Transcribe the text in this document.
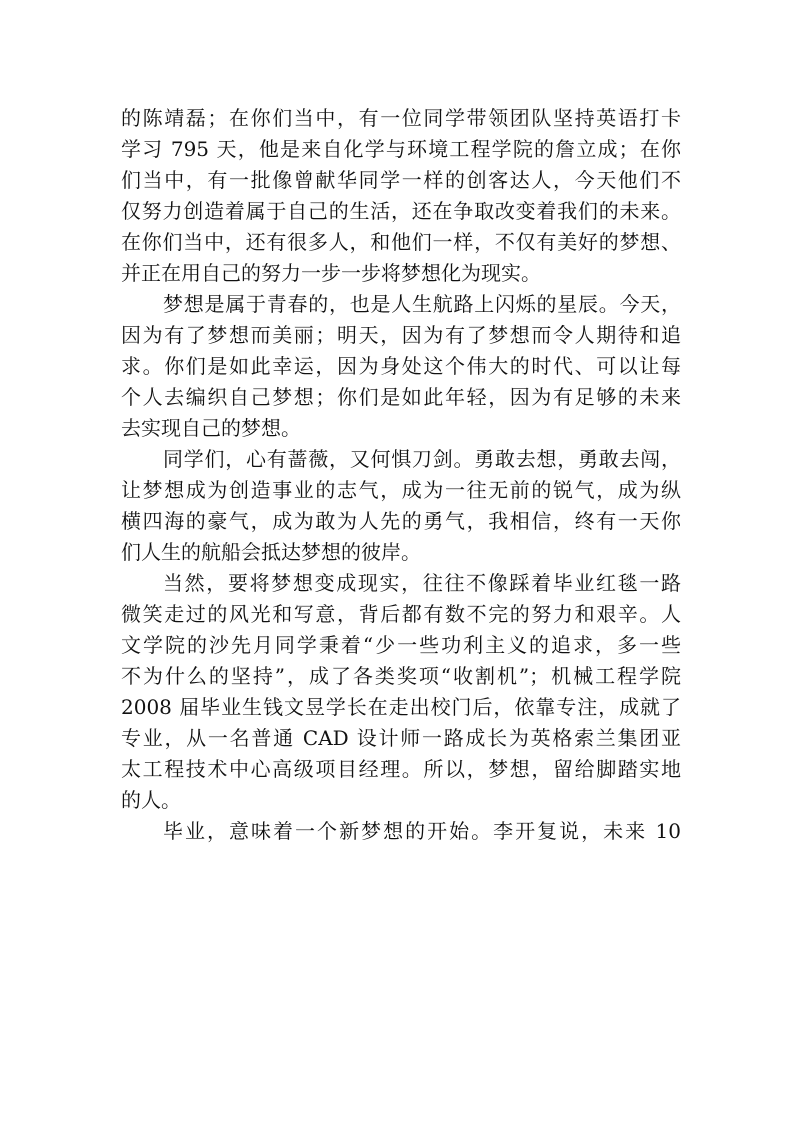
的陈靖磊；在你们当中，有一位同学带领团队坚持英语打卡
学习 795 天，他是来自化学与环境工程学院的詹立成；在你
们当中，有一批像曾献华同学一样的创客达人，今天他们不
仅努力创造着属于自己的生活，还在争取改变着我们的未来。
在你们当中，还有很多人，和他们一样，不仅有美好的梦想、
并正在用自己的努力一步一步将梦想化为现实。
梦想是属于青春的，也是人生航路上闪烁的星辰。今天，
因为有了梦想而美丽；明天，因为有了梦想而令人期待和追
求。你们是如此幸运，因为身处这个伟大的时代、可以让每
个人去编织自己梦想；你们是如此年轻，因为有足够的未来
去实现自己的梦想。
同学们，心有蔷薇，又何惧刀剑。勇敢去想，勇敢去闯，
让梦想成为创造事业的志气，成为一往无前的锐气，成为纵
横四海的豪气，成为敢为人先的勇气，我相信，终有一天你
们人生的航船会抵达梦想的彼岸。
当然，要将梦想变成现实，往往不像踩着毕业红毯一路
微笑走过的风光和写意，背后都有数不完的努力和艰辛。人
文学院的沙先月同学秉着“少一些功利主义的追求，多一些
不为什么的坚持”，成了各类奖项“收割机”；机械工程学院
2008 届毕业生钱文昱学长在走出校门后，依靠专注，成就了
专业，从一名普通 CAD 设计师一路成长为英格索兰集团亚
太工程技术中心高级项目经理。所以，梦想，留给脚踏实地
的人。
毕业，意味着一个新梦想的开始。李开复说，未来 10
